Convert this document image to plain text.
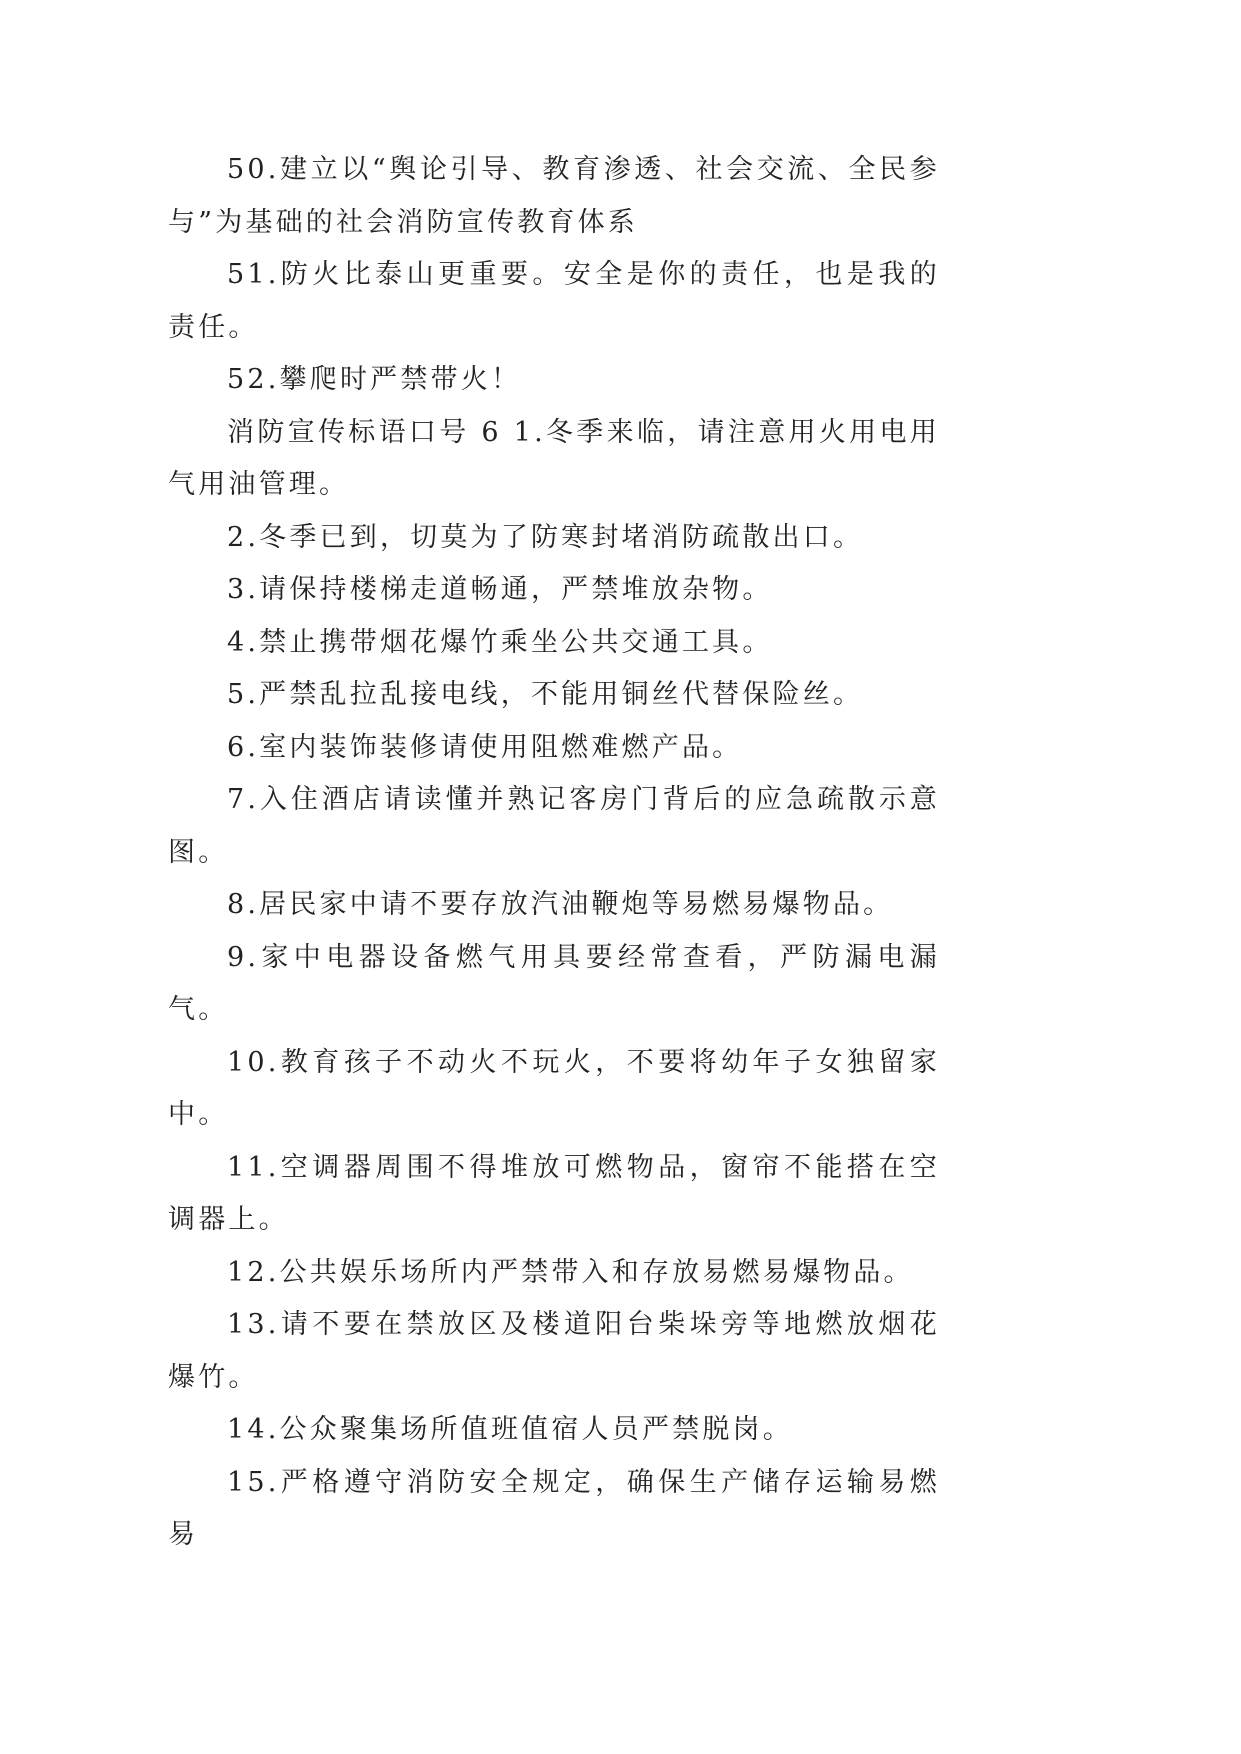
50.建立以“舆论引导、教育渗透、社会交流、全民参与”为基础的社会消防宣传教育体系

51.防火比泰山更重要。安全是你的责任，也是我的责任。

52.攀爬时严禁带火！

消防宣传标语口号 6 1.冬季来临，请注意用火用电用气用油管理。

2.冬季已到，切莫为了防寒封堵消防疏散出口。

3.请保持楼梯走道畅通，严禁堆放杂物。

4.禁止携带烟花爆竹乘坐公共交通工具。

5.严禁乱拉乱接电线，不能用铜丝代替保险丝。

6.室内装饰装修请使用阻燃难燃产品。

7.入住酒店请读懂并熟记客房门背后的应急疏散示意图。

8.居民家中请不要存放汽油鞭炮等易燃易爆物品。

9.家中电器设备燃气用具要经常查看，严防漏电漏气。

10.教育孩子不动火不玩火，不要将幼年子女独留家中。

11.空调器周围不得堆放可燃物品，窗帘不能搭在空调器上。

12.公共娱乐场所内严禁带入和存放易燃易爆物品。

13.请不要在禁放区及楼道阳台柴垛旁等地燃放烟花爆竹。

14.公众聚集场所值班值宿人员严禁脱岗。

15.严格遵守消防安全规定，确保生产储存运输易燃易
